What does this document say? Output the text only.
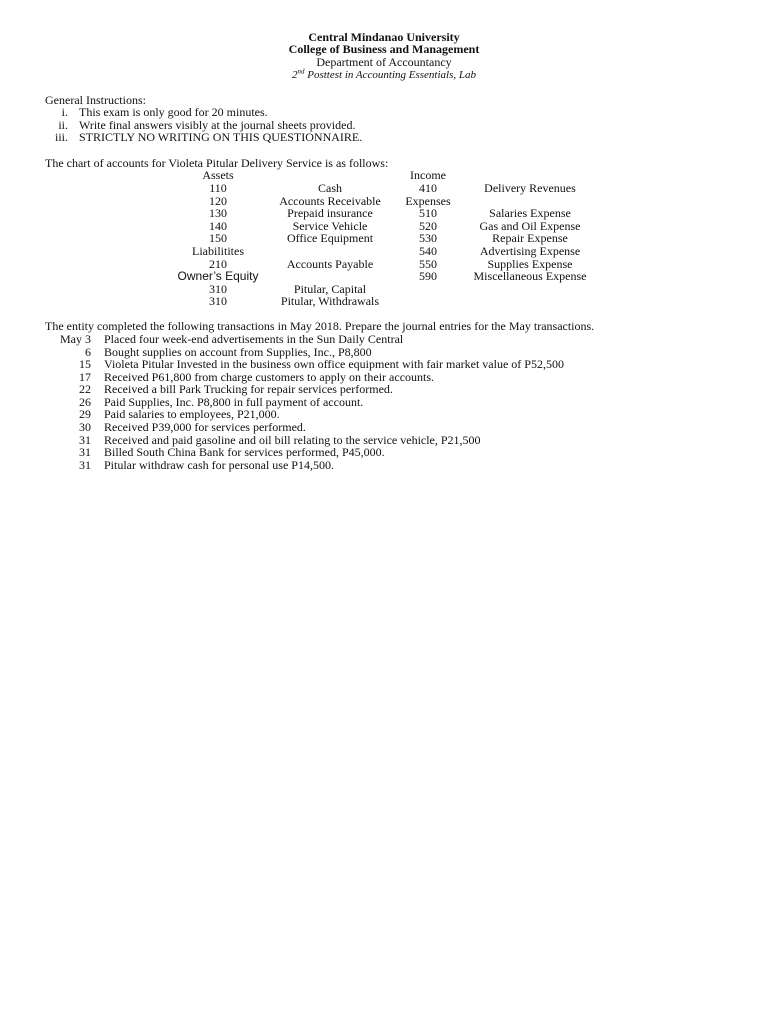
Central Mindanao University
College of Business and Management
Department of Accountancy
2nd Posttest in Accounting Essentials, Lab
General Instructions:
i. This exam is only good for 20 minutes.
ii. Write final answers visibly at the journal sheets provided.
iii. STRICTLY NO WRITING ON THIS QUESTIONNAIRE.
The chart of accounts for Violeta Pitular Delivery Service is as follows:
Assets
110	Cash
120	Accounts Receivable
130	Prepaid insurance
140	Service Vehicle
150	Office Equipment
Liabilitites
210	Accounts Payable
Owner’s Equity
310	Pitular, Capital
310	Pitular, Withdrawals
Income
410	Delivery Revenues
Expenses
510	Salaries Expense
520	Gas and Oil Expense
530	Repair Expense
540	Advertising Expense
550	Supplies Expense
590	Miscellaneous Expense
The entity completed the following transactions in May 2018. Prepare the journal entries for the May transactions.
May 3 Placed four week-end advertisements in the Sun Daily Central
6 Bought supplies on account from Supplies, Inc., P8,800
15 Violeta Pitular Invested in the business own office equipment with fair market value of P52,500
17 Received P61,800 from charge customers to apply on their accounts.
22 Received a bill Park Trucking for repair services performed.
26 Paid Supplies, Inc. P8,800 in full payment of account.
29 Paid salaries to employees, P21,000.
30 Received P39,000 for services performed.
31 Received and paid gasoline and oil bill relating to the service vehicle, P21,500
31 Billed South China Bank for services performed, P45,000.
31 Pitular withdraw cash for personal use P14,500.
